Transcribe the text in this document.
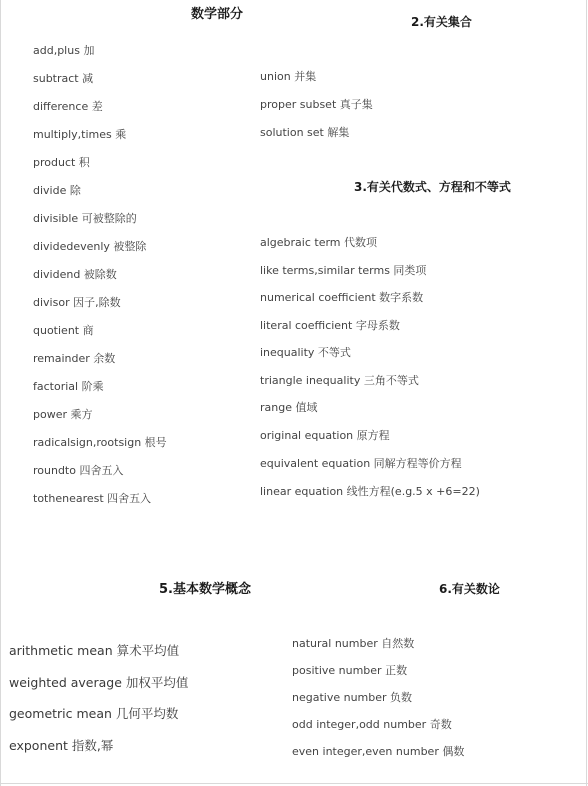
数学部分	2.有关集合
3.有关代数式、方程和不等式
5.基本数学概念	6.有关数论
add,plus 加
subtract 减
difference 差
multiply,times 乘
product 积
divide 除
divisible 可被整除的
dividedevenly 被整除
dividend 被除数
divisor 因子,除数
quotient 商
remainder 余数
factorial 阶乘
power 乘方
radicalsign,rootsign 根号
roundto 四舍五入
tothenearest 四舍五入
union 并集
proper subset 真子集
solution set 解集
algebraic term 代数项
like terms,similar terms 同类项
numerical coefficient 数字系数
literal coefficient 字母系数
inequality 不等式
triangle inequality 三角不等式
range 值域
original equation 原方程
equivalent equation 同解方程等价方程
linear equation 线性方程(e.g.5 x +6=22)
arithmetic mean 算术平均值
weighted average 加权平均值
geometric mean 几何平均数
exponent 指数,幂
natural number 自然数
positive number 正数
negative number 负数
odd integer,odd number 奇数
even integer,even number 偶数
